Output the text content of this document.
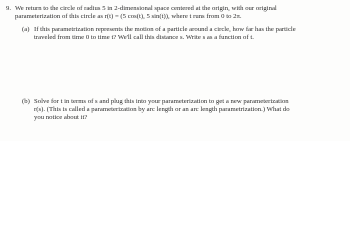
9. We return to the circle of radius 5 in 2-dimensional space centered at the origin, with our original
parameterization of this circle as r(t) = (5 cos(t), 5 sin(t)), where t runs from 0 to 2π.
(a) If this parametrization represents the motion of a particle around a circle, how far has the particle
traveled from time 0 to time t? We'll call this distance s. Write s as a function of t.
(b) Solve for t in terms of s and plug this into your parameterization to get a new parameterization
r(s). (This is called a parameterization by arc length or an arc length parametrization.) What do
you notice about it?
